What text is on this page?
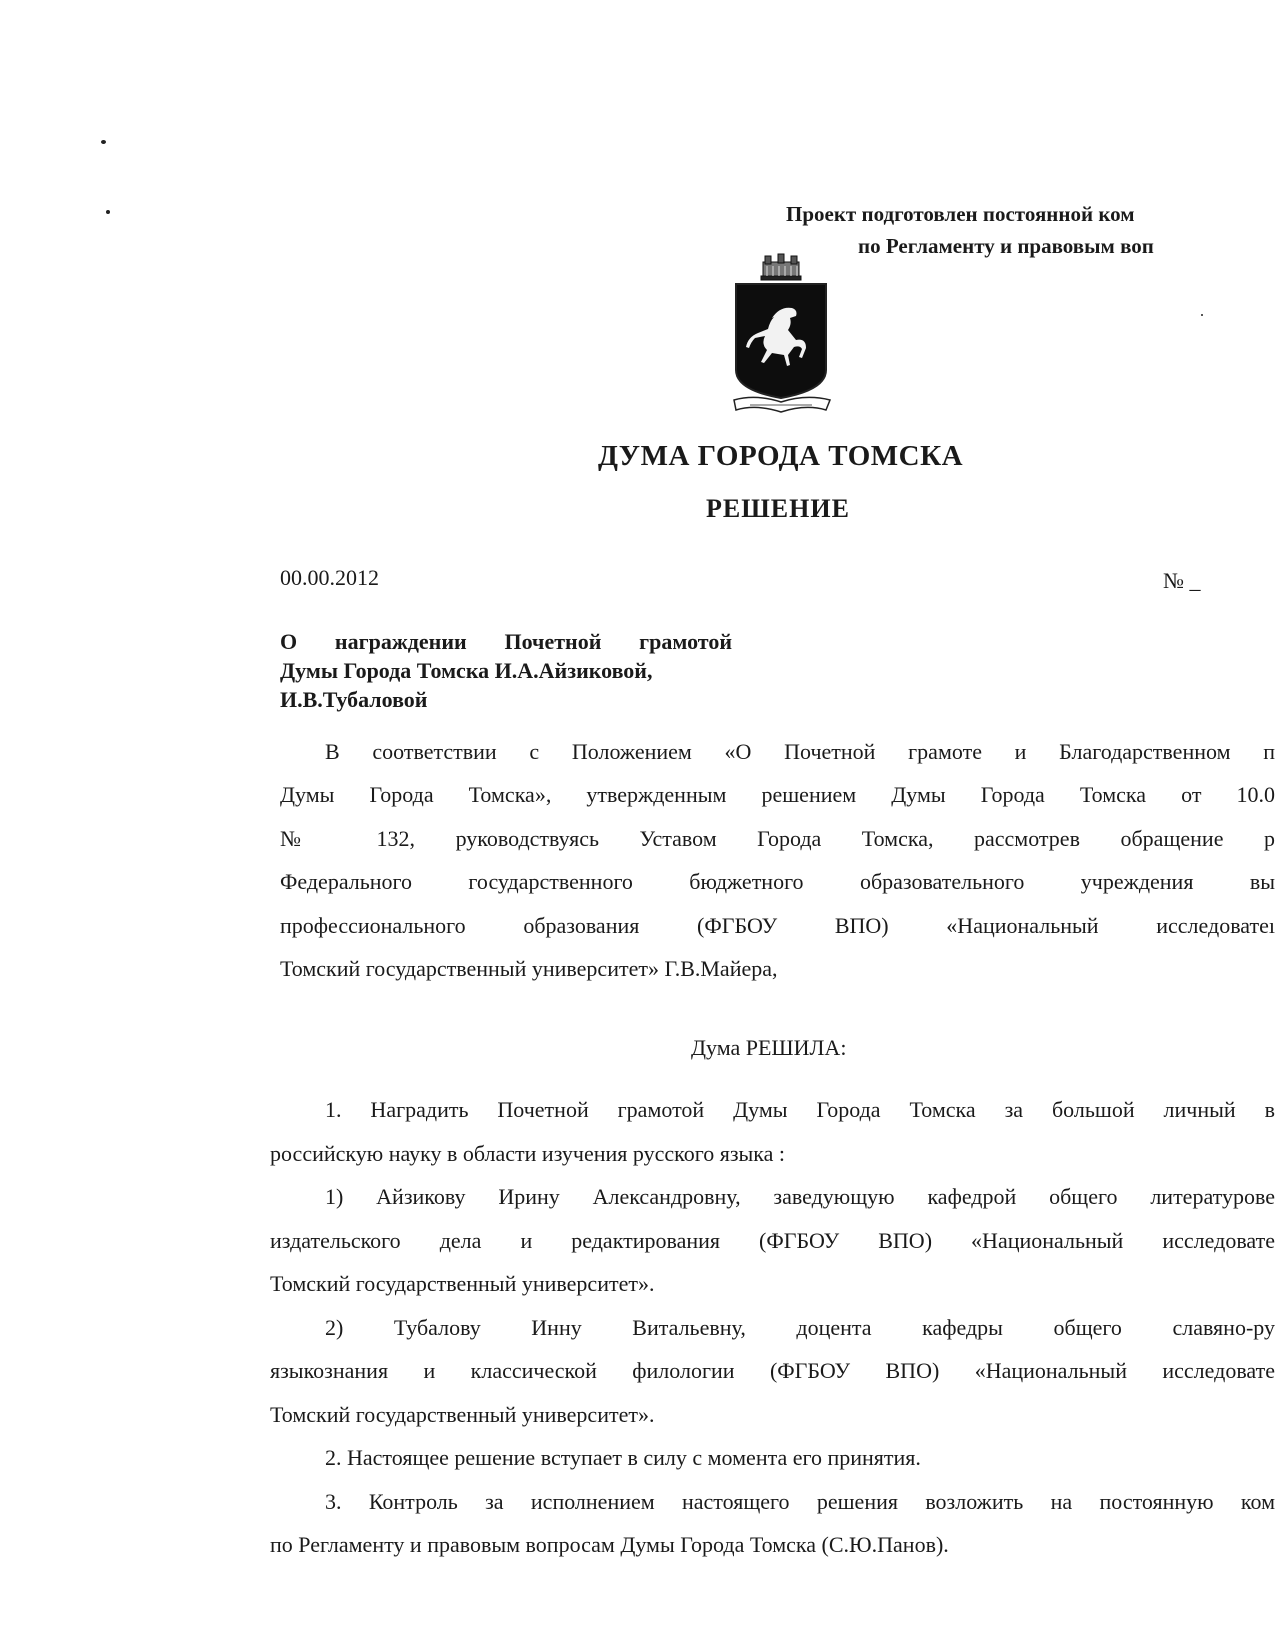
Проект подготовлен постоянной ком
по Регламенту и правовым воп
ДУМА ГОРОДА ТОМСКА
РЕШЕНИЕ
00.00.2012	№ _
О награждении Почетной грамотой
Думы Города Томска И.А.Айзиковой,
И.В.Тубаловой
В соответствии с Положением «О Почетной грамоте и Благодарственном п
Думы Города Томска», утвержденным решением Думы Города Томска от 10.0
№ 132, руководствуясь Уставом Города Томска, рассмотрев обращение р
Федерального государственного бюджетного образовательного учреждения вы
профессионального образования (ФГБОУ ВПО) «Национальный исследоватеı
Томский государственный университет» Г.В.Майера,
Дума РЕШИЛА:
1. Наградить Почетной грамотой Думы Города Томска за большой личный в
российскую науку в области изучения русского языка :
1) Айзикову Ирину Александровну, заведующую кафедрой общего литературове
издательского дела и редактирования (ФГБОУ ВПО) «Национальный исследовате
Томский государственный университет».
2) Тубалову Инну Витальевну, доцента кафедры общего славяно-ру
языкознания и классической филологии (ФГБОУ ВПО) «Национальный исследовате
Томский государственный университет».
2. Настоящее решение вступает в силу с момента его принятия.
3. Контроль за исполнением настоящего решения возложить на постоянную ком
по Регламенту и правовым вопросам Думы Города Томска (С.Ю.Панов).
